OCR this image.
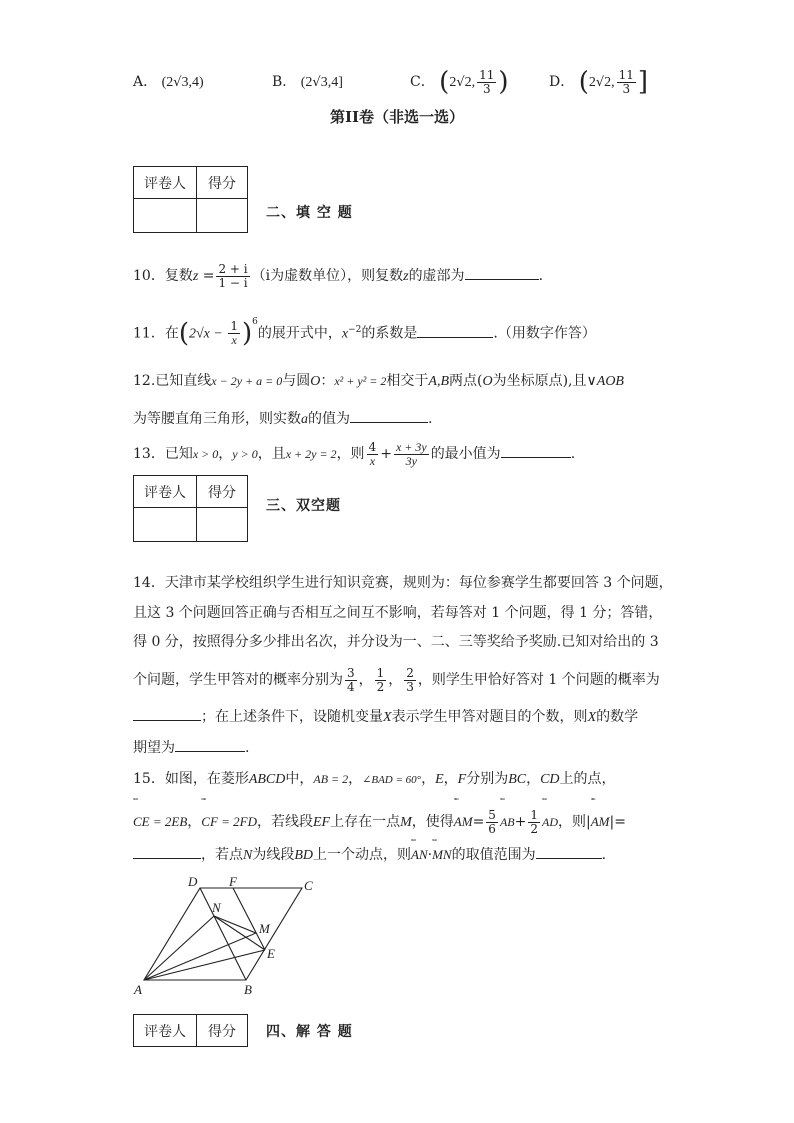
A． (2√3,4)	B． (2√3,4]	C． (2√2, $\frac{11}{3}$ )	D． (2√2, $\frac{11}{3}$ ]
第II卷（非选一选）
评卷人	得分

二、填 空 题
10．复数$z = \frac{2 + i}{1 - i} (i$为虚数单位），则复数z的虚部为	.
11．在$(2√x - \frac{1}{x} )^6$的展开式中，$x^{-2}$的系数是	.（用数字作答）
12.已知直线x − 2y + a = 0与圆O：x² + y² = 2相交于A,B两点(O为坐标原点),且∨AOB
为等腰直角三角形，则实数a的值为	.
13．已知x > 0，y > 0，且x + 2y = 2，则 $\frac{4}{x} + \frac{x + 3y}{3y}$ 的最小值为	.
评卷人	得分

三、双空题
14．天津市某学校组织学生进行知识竞赛，规则为：每位参赛学生都要回答 3 个问题，
且这 3 个问题回答正确与否相互之间互不影响，若每答对 1 个问题，得 1 分；答错，
得 0 分，按照得分多少排出名次，并分设为一、二、三等奖给予奖励.已知对给出的 3
个问题，学生甲答对的概率分别为 $\frac{3}{4}$ ， $\frac{1}{2}$ ， $\frac{2}{3}$ ，则学生甲恰好答对 1 个问题的概率为
；在上述条件下，设随机变量X表示学生甲答对题目的个数，则X的数学
期望为	.
15．如图，在菱形ABCD中，AB = 2，∠BAD = 60°，E，F分别为BC，CD上的点，
ᵘᵘᵘ
CE = 2EB，
ᵘᵘᵘ
CF = 2FD，若线段EF上存在一点M，使得
ᵘᵘᵘ
$AM= \frac{5}{6}$
ᵘᵘᵘ
$AB+ \frac{1}{2}$
ᵘᵘᵘ
AD，则|
ᵘᵘᵘ
AM|=
，若点N为线段BD上一个动点，则
ᵘᵘᵘ
AN·
ᵘᵘᵘ
MN的取值范围为	.
D F	C
N
M
E
A	B
评卷人	得分 四、解 答 题
